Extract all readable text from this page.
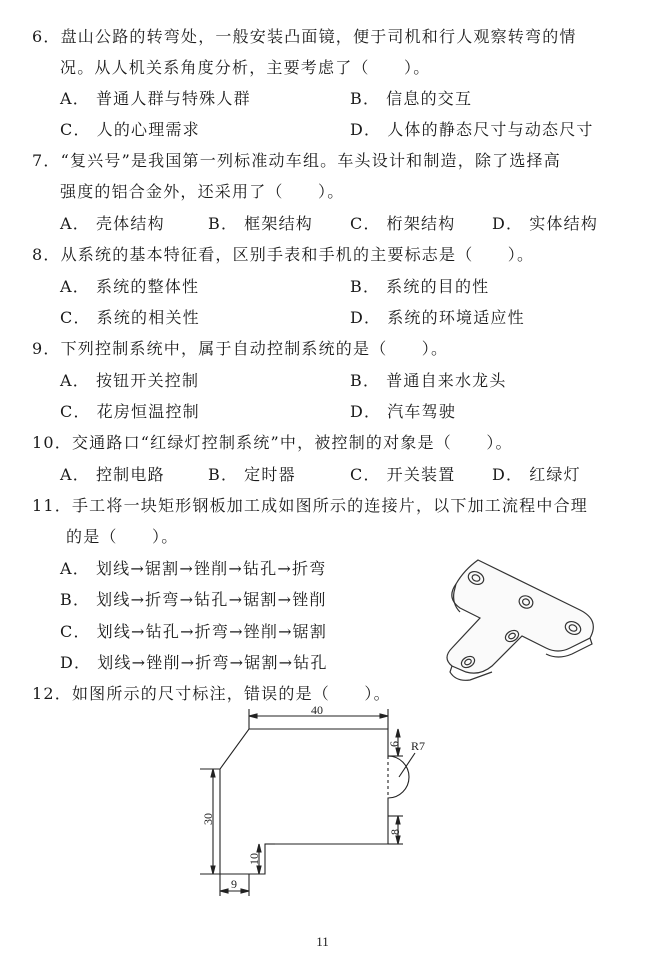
6．盘山公路的转弯处，一般安装凸面镜，便于司机和行人观察转弯的情
况。从人机关系角度分析，主要考虑了（　　）。
A． 普通人群与特殊人群	B． 信息的交互
C． 人的心理需求	D． 人体的静态尺寸与动态尺寸
7．“复兴号”是我国第一列标准动车组。车头设计和制造，除了选择高
强度的铝合金外，还采用了（　　）。
A． 壳体结构	B． 框架结构 C． 桁架结构 D． 实体结构
8．从系统的基本特征看，区别手表和手机的主要标志是（　　）。
A． 系统的整体性	B． 系统的目的性
C． 系统的相关性	D． 系统的环境适应性
9．下列控制系统中，属于自动控制系统的是（　　）。
A． 按钮开关控制	B． 普通自来水龙头
C． 花房恒温控制	D． 汽车驾驶
10．交通路口“红绿灯控制系统”中，被控制的对象是（　　）。
A． 控制电路	B． 定时器	C． 开关装置 D． 红绿灯
11．手工将一块矩形钢板加工成如图所示的连接片，以下加工流程中合理
的是（　　）。
A． 划线→锯割→锉削→钻孔→折弯
B． 划线→折弯→钻孔→锯割→锉削
C． 划线→钻孔→折弯→锉削→锯割
D． 划线→锉削→折弯→锯割→钻孔
12．如图所示的尺寸标注，错误的是（　　）。
40
6 R7
30
8
10
9
11
